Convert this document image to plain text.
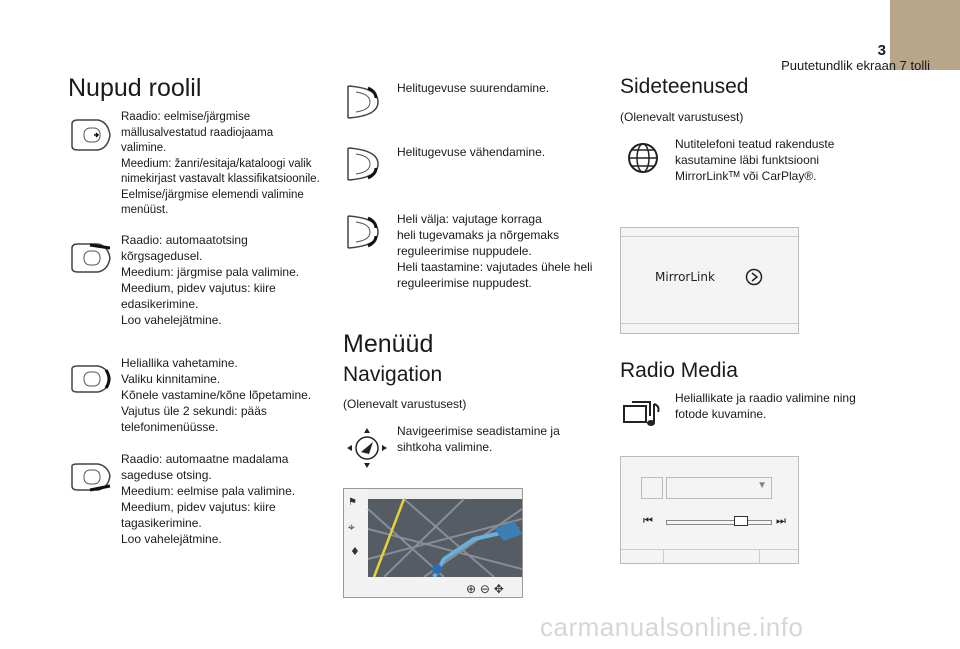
3
Puutetundlik ekraan 7 tolli
Nupud roolil
Raadio: eelmise/järgmise
mällusalvestatud raadiojaama
valimine.
Meedium: žanri/esitaja/kataloogi valik
nimekirjast vastavalt klassifikatsioonile.
Eelmise/järgmise elemendi valimine
menüüst.
Raadio: automaatotsing
kõrgsagedusel.
Meedium: järgmise pala valimine.
Meedium, pidev vajutus: kiire
edasikerimine.
Loo vahelejätmine.
Heliallika vahetamine.
Valiku kinnitamine.
Kõnele vastamine/kõne lõpetamine.
Vajutus üle 2 sekundi: pääs
telefonimenüüsse.
Raadio: automaatne madalama
sageduse otsing.
Meedium: eelmise pala valimine.
Meedium, pidev vajutus: kiire
tagasikerimine.
Loo vahelejätmine.
Helitugevuse suurendamine.
Helitugevuse vähendamine.
Heli välja: vajutage korraga
heli tugevamaks ja nõrgemaks
reguleerimise nuppudele.
Heli taastamine: vajutades ühele heli
reguleerimise nuppudest.
Menüüd
Navigation
(Olenevalt varustusest)
Navigeerimise seadistamine ja
sihtkoha valimine.
⚑
⌖
♦
⊕ ⊖ ✥
Sideteenused
(Olenevalt varustusest)
Nutitelefoni teatud rakenduste
kasutamine läbi funktsiooni
MirrorLinkᵀᴹ või CarPlay®.
MirrorLink
Radio Media
Heliallikate ja raadio valimine ning
fotode kuvamine.
▼
⏮	⏭
carmanualsonline.info
